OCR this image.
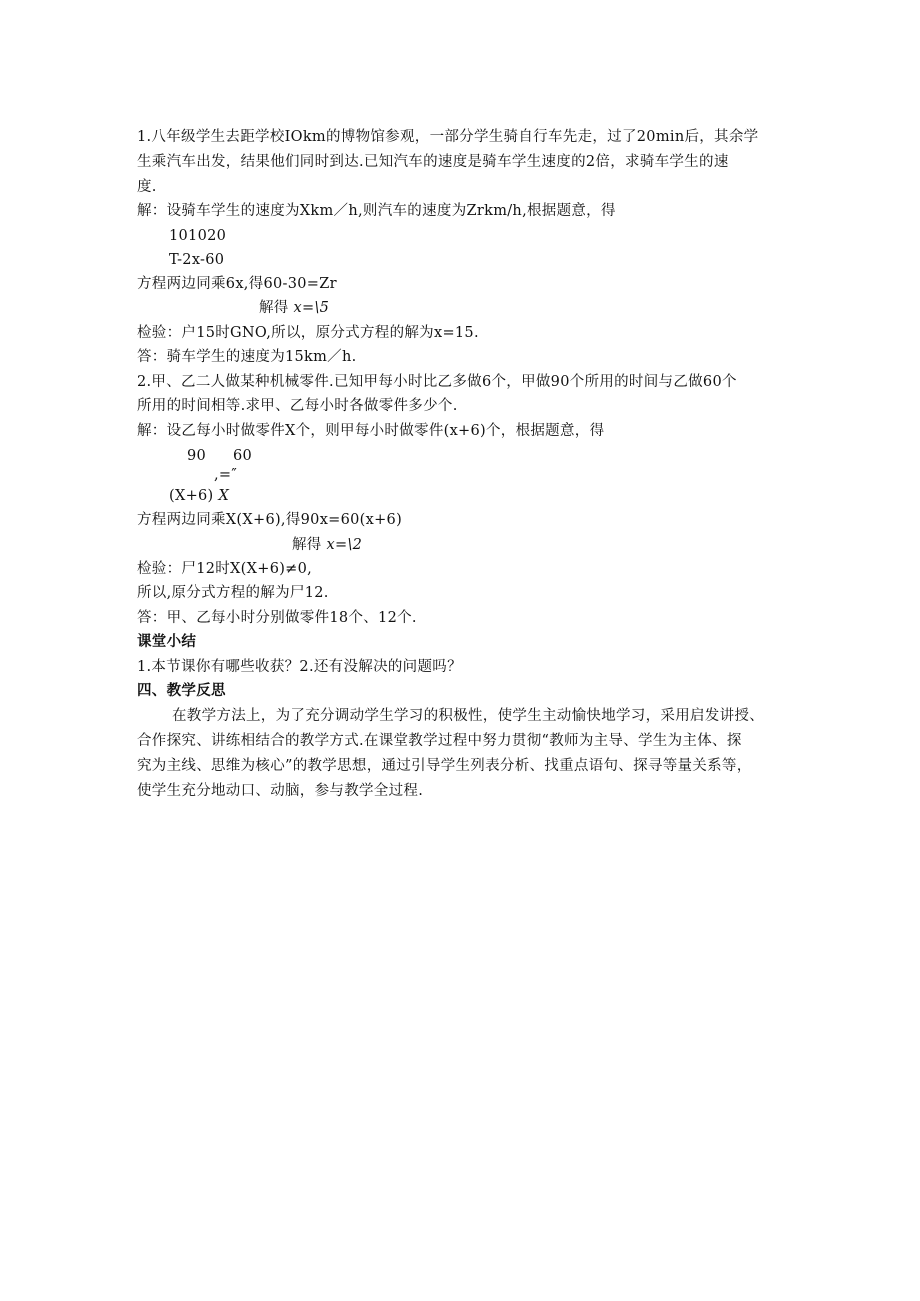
1.八年级学生去距学校IOkm的博物馆参观，一部分学生骑自行车先走，过了20min后，其余学
生乘汽车出发，结果他们同时到达.已知汽车的速度是骑车学生速度的2倍，求骑车学生的速
度.
解：设骑车学生的速度为Xkm／h,则汽车的速度为Zrkm/h,根据题意，得
101020
T-2x-60
方程两边同乘6x,得60-30=Zr
解得 x=\5
检验：户15时GNO,所以，原分式方程的解为x=15.
答：骑车学生的速度为15km／h.
2.甲、乙二人做某种机械零件.已知甲每小时比乙多做6个，甲做90个所用的时间与乙做60个
所用的时间相等.求甲、乙每小时各做零件多少个.
解：设乙每小时做零件X个，则甲每小时做零件(x+6)个，根据题意，得
90 60
,=″
(X+6) X
方程两边同乘X(X+6),得90x=60(x+6)
解得 x=\2
检验：尸12时X(X+6)≠0,
所以,原分式方程的解为尸12.
答：甲、乙每小时分别做零件18个、12个.
课堂小结
1.本节课你有哪些收获？2.还有没解决的问题吗？
四、教学反思
在教学方法上，为了充分调动学生学习的积极性，使学生主动愉快地学习，采用启发讲授、
合作探究、讲练相结合的教学方式.在课堂教学过程中努力贯彻“教师为主导、学生为主体、探
究为主线、思维为核心”的教学思想，通过引导学生列表分析、找重点语句、探寻等量关系等，
使学生充分地动口、动脑，参与教学全过程.
